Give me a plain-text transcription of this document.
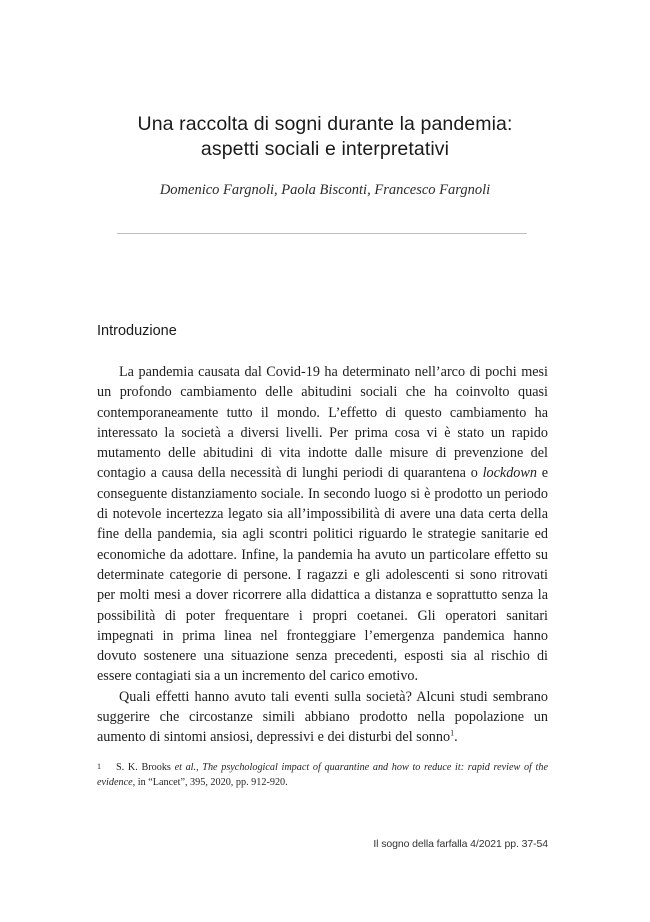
Una raccolta di sogni durante la pandemia:
aspetti sociali e interpretativi

Domenico Fargnoli, Paola Bisconti, Francesco Fargnoli

Introduzione

La pandemia causata dal Covid-19 ha determinato nell’arco di pochi mesi un profondo cambiamento delle abitudini sociali che ha coinvolto quasi contemporaneamente tutto il mondo. L’effetto di questo cambiamento ha interessato la società a diversi livelli. Per prima cosa vi è stato un rapido mutamento delle abitudini di vita indotte dalle misure di prevenzione del contagio a causa della necessità di lunghi periodi di quarantena o lockdown e conseguente distanziamento sociale. In secondo luogo si è prodotto un periodo di notevole incertezza legato sia all’impossibilità di avere una data certa della fine della pandemia, sia agli scontri politici riguardo le strategie sanitarie ed economiche da adottare. Infine, la pandemia ha avuto un particolare effetto su determinate categorie di persone. I ragazzi e gli adolescenti si sono ritrovati per molti mesi a dover ricorrere alla didattica a distanza e soprattutto senza la possibilità di poter frequentare i propri coetanei. Gli operatori sanitari impegnati in prima linea nel fronteggiare l’emergenza pandemica hanno dovuto sostenere una situazione senza precedenti, esposti sia al rischio di essere contagiati sia a un incremento del carico emotivo.

Quali effetti hanno avuto tali eventi sulla società? Alcuni studi sembrano suggerire che circostanze simili abbiano prodotto nella popolazione un aumento di sintomi ansiosi, depressivi e dei disturbi del sonno$^1$.

1 S. K. Brooks et al., The psychological impact of quarantine and how to reduce it: rapid review of the evidence, in “Lancet”, 395, 2020, pp. 912-920.

Il sogno della farfalla 4/2021 pp. 37-54
